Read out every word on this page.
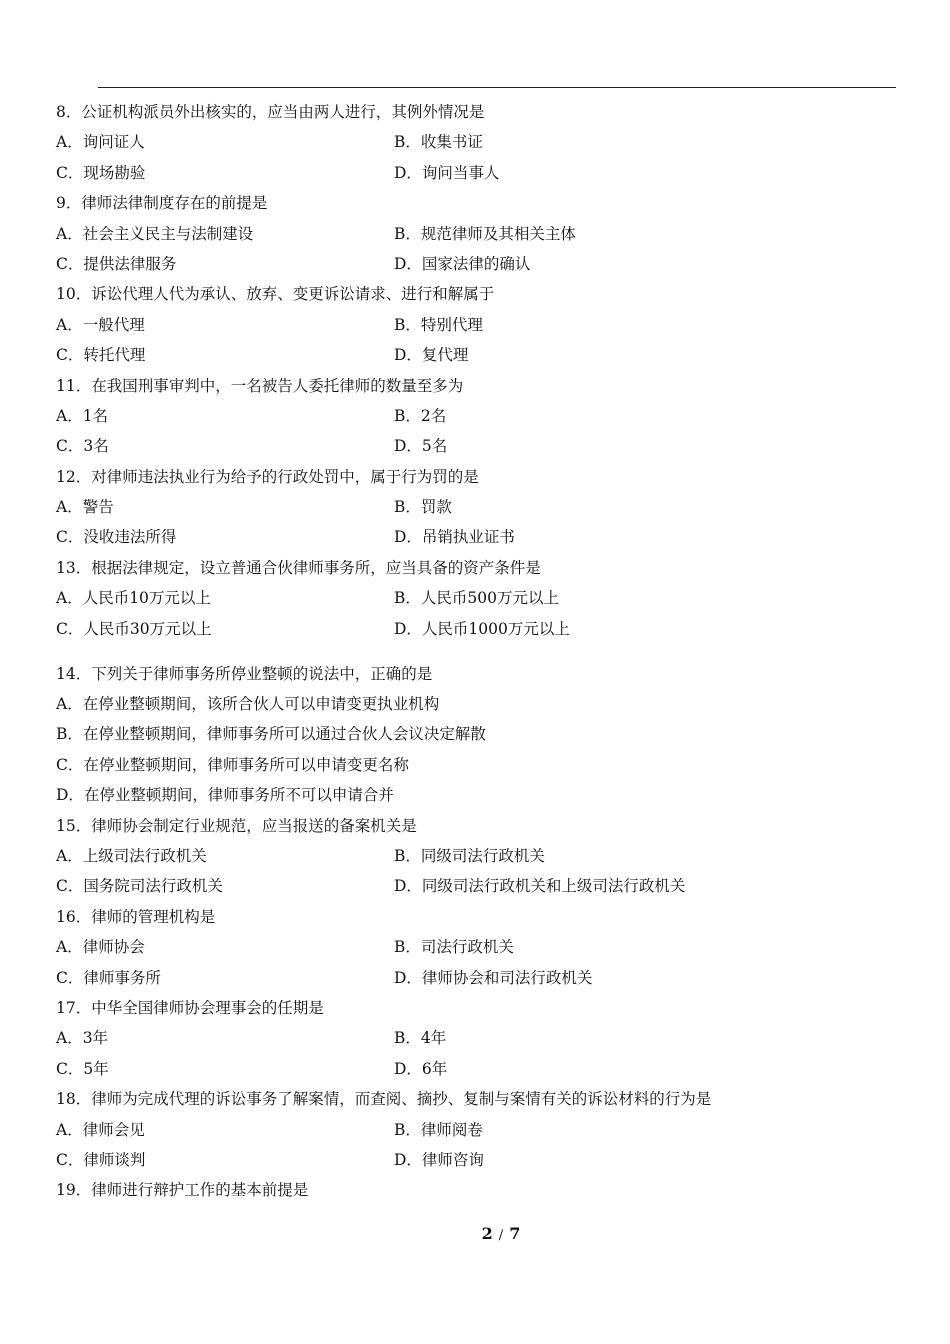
8．公证机构派员外出核实的，应当由两人进行，其例外情况是
A．询问证人	B．收集书证
C．现场勘验	D．询问当事人
9．律师法律制度存在的前提是
A．社会主义民主与法制建设	B．规范律师及其相关主体
C．提供法律服务	D．国家法律的确认
10．诉讼代理人代为承认、放弃、变更诉讼请求、进行和解属于
A．一般代理	B．特别代理
C．转托代理	D．复代理
11．在我国刑事审判中，一名被告人委托律师的数量至多为
A．1名	B．2名
C．3名	D．5名
12．对律师违法执业行为给予的行政处罚中，属于行为罚的是
A．警告	B．罚款
C．没收违法所得	D．吊销执业证书
13．根据法律规定，设立普通合伙律师事务所，应当具备的资产条件是
A．人民币10万元以上	B．人民币500万元以上
C．人民币30万元以上	D．人民币1000万元以上
14．下列关于律师事务所停业整顿的说法中，正确的是
A．在停业整顿期间，该所合伙人可以申请变更执业机构
B．在停业整顿期间，律师事务所可以通过合伙人会议决定解散
C．在停业整顿期间，律师事务所可以申请变更名称
D．在停业整顿期间，律师事务所不可以申请合并
15．律师协会制定行业规范，应当报送的备案机关是
A．上级司法行政机关	B．同级司法行政机关
C．国务院司法行政机关	D．同级司法行政机关和上级司法行政机关
16．律师的管理机构是
A．律师协会	B．司法行政机关
C．律师事务所	D．律师协会和司法行政机关
17．中华全国律师协会理事会的任期是
A．3年	B．4年
C．5年	D．6年
18．律师为完成代理的诉讼事务了解案情，而查阅、摘抄、复制与案情有关的诉讼材料的行为是
A．律师会见	B．律师阅卷
C．律师谈判	D．律师咨询
19．律师进行辩护工作的基本前提是
2 / 7
